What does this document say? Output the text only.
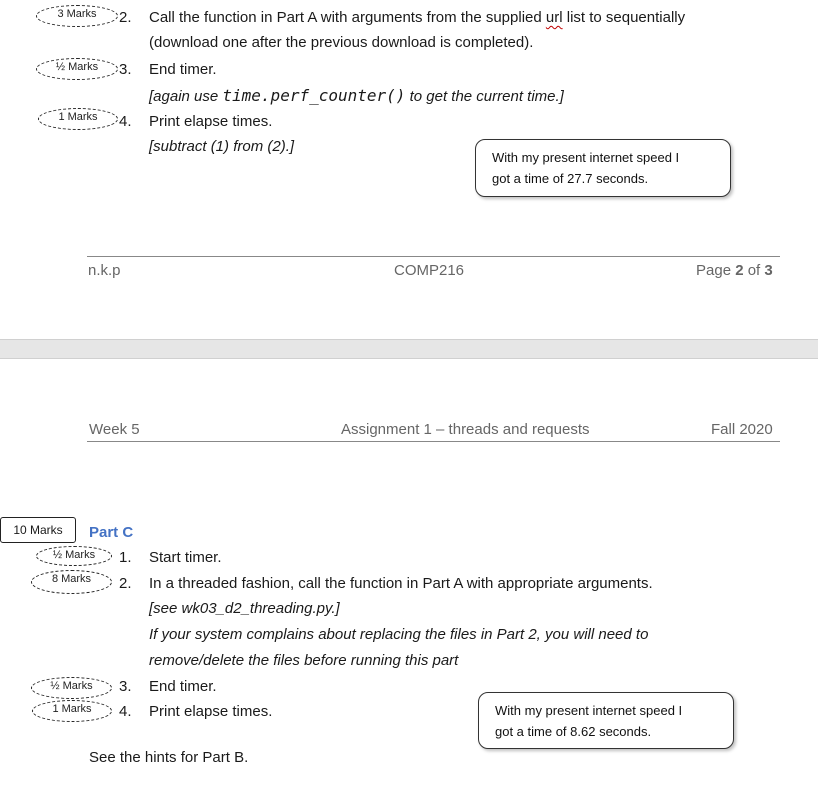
3 Marks	2. Call the function in Part A with arguments from the supplied url list to sequentially
(download one after the previous download is completed).
½ Marks	3. End timer.
[again use time.perf_counter() to get the current time.]
1 Marks	4. Print elapse times.
[subtract (1) from (2).]
With my present internet speed I
got a time of 27.7 seconds.
n.k.p	COMP216	Page 2 of 3
Week 5	Assignment 1 – threads and requests	Fall 2020
10 Marks	Part C
½ Marks	1. Start timer.
8 Marks	2. In a threaded fashion, call the function in Part A with appropriate arguments.
[see wk03_d2_threading.py.]
If your system complains about replacing the files in Part 2, you will need to
remove/delete the files before running this part
½ Marks	3. End timer.
1 Marks	4. Print elapse times.	With my present internet speed I
got a time of 8.62 seconds.
See the hints for Part B.
